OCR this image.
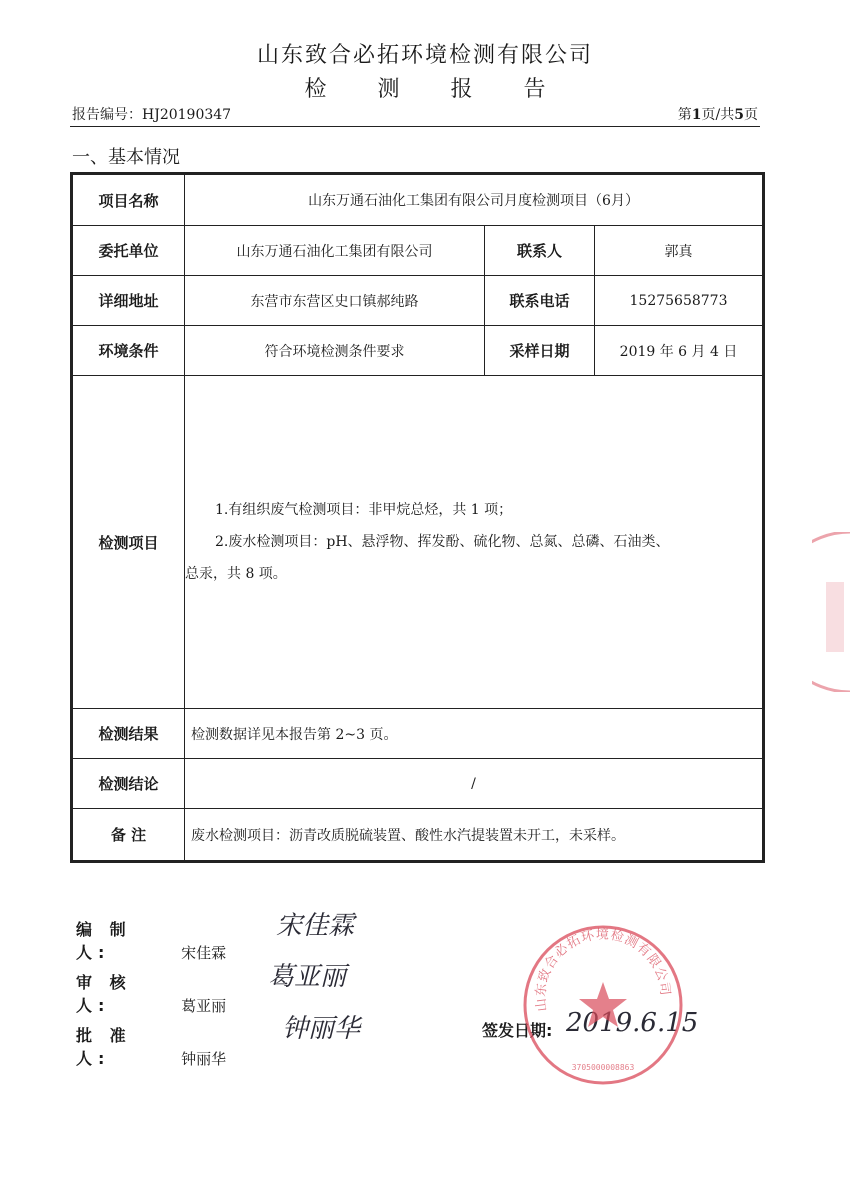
山东致合必拓环境检测有限公司
检 测 报 告
报告编号：HJ20190347	第1页/共5页
一、基本情况
项目名称	山东万通石油化工集团有限公司月度检测项目（6月）		
委托单位	山东万通石油化工集团有限公司	联系人	郭真
详细地址	东营市东营区史口镇郝纯路	联系电话	15275658773
环境条件	符合环境检测条件要求	采样日期	2019 年 6 月 4 日
检测项目	1.有组织废气检测项目：非甲烷总烃，共 1 项；

2.废水检测项目：pH、悬浮物、挥发酚、硫化物、总氮、总磷、石油类、

总汞，共 8 项。		

检测结果	检测数据详见本报告第 2~3 页。		
检测结论	/		
备 注	废水检测项目：沥青改质脱硫装置、酸性水汽提装置未开工，未采样。		
编 制 人:	宋佳霖
宋佳霖
审 核 人:	葛亚丽
葛亚丽
批 准 人:	钟丽华
钟丽华	签发日期: 2019.6.15
山东致合必拓环境检测有限公司
3705000008863
